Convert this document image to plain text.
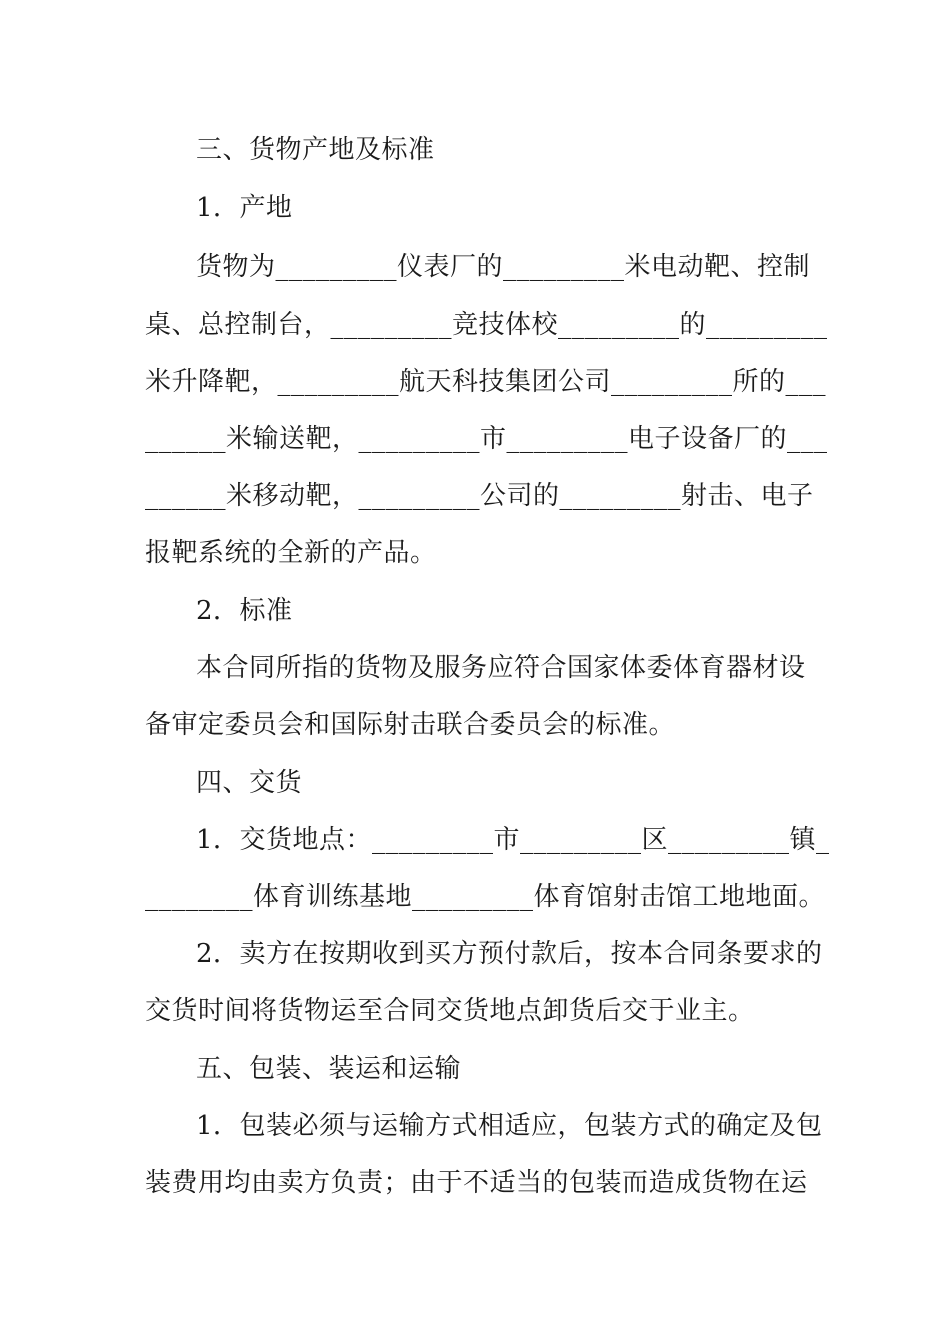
三、货物产地及标准
1．产地
货物为_________仪表厂的_________米电动靶、控制
桌、总控制台，_________竞技体校_________的_________
米升降靶，_________航天科技集团公司_________所的___
______米输送靶，_________市_________电子设备厂的___
______米移动靶，_________公司的_________射击、电子
报靶系统的全新的产品。
2．标准
本合同所指的货物及服务应符合国家体委体育器材设
备审定委员会和国际射击联合委员会的标准。
四、交货
1．交货地点：_________市_________区_________镇_
________体育训练基地_________体育馆射击馆工地地面。
2．卖方在按期收到买方预付款后，按本合同条要求的
交货时间将货物运至合同交货地点卸货后交于业主。
五、包装、装运和运输
1．包装必须与运输方式相适应，包装方式的确定及包
装费用均由卖方负责；由于不适当的包装而造成货物在运
